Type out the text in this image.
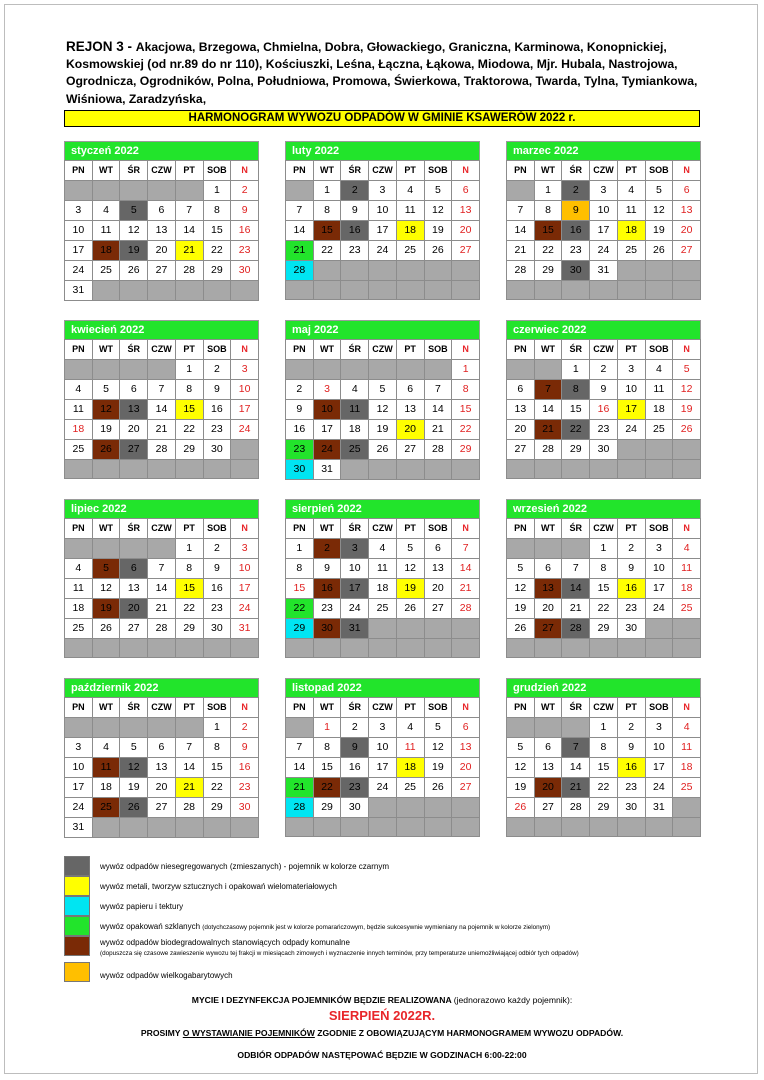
REJON 3 - Akacjowa, Brzegowa, Chmielna, Dobra, Głowackiego, Graniczna, Karminowa, Konopnickiej, Kosmowskiej (od nr.89 do nr 110), Kościuszki, Leśna, Łączna, Łąkowa, Miodowa, Mjr. Hubala, Nastrojowa, Ogrodnicza, Ogrodników, Polna, Południowa, Promowa, Świerkowa, Traktorowa, Twarda, Tylna, Tymiankowa, Wiśniowa, Zaradzyńska,
HARMONOGRAM WYWOZU ODPADÓW W GMINIE KSAWERÓW 2022 r.
styczeń 2022
PN	WT	ŚR	CZW	PT	SOB	N
					1	2
3	4	5	6	7	8	9
10	11	12	13	14	15	16
17	18	19	20	21	22	23
24	25	26	27	28	29	30
31						
luty 2022
PN	WT	ŚR	CZW	PT	SOB	N
	1	2	3	4	5	6
7	8	9	10	11	12	13
14	15	16	17	18	19	20
21	22	23	24	25	26	27
28						

marzec 2022
PN	WT	ŚR	CZW	PT	SOB	N
	1	2	3	4	5	6
7	8	9	10	11	12	13
14	15	16	17	18	19	20
21	22	23	24	25	26	27
28	29	30	31			

kwiecień 2022
PN	WT	ŚR	CZW	PT	SOB	N
				1	2	3
4	5	6	7	8	9	10
11	12	13	14	15	16	17
18	19	20	21	22	23	24
25	26	27	28	29	30	

maj 2022
PN	WT	ŚR	CZW	PT	SOB	N
						1
2	3	4	5	6	7	8
9	10	11	12	13	14	15
16	17	18	19	20	21	22
23	24	25	26	27	28	29
30	31					
czerwiec 2022
PN	WT	ŚR	CZW	PT	SOB	N
		1	2	3	4	5
6	7	8	9	10	11	12
13	14	15	16	17	18	19
20	21	22	23	24	25	26
27	28	29	30			

lipiec 2022
PN	WT	ŚR	CZW	PT	SOB	N
				1	2	3
4	5	6	7	8	9	10
11	12	13	14	15	16	17
18	19	20	21	22	23	24
25	26	27	28	29	30	31

sierpień 2022
PN	WT	ŚR	CZW	PT	SOB	N
1	2	3	4	5	6	7
8	9	10	11	12	13	14
15	16	17	18	19	20	21
22	23	24	25	26	27	28
29	30	31				

wrzesień 2022
PN	WT	ŚR	CZW	PT	SOB	N
			1	2	3	4
5	6	7	8	9	10	11
12	13	14	15	16	17	18
19	20	21	22	23	24	25
26	27	28	29	30		

październik 2022
PN	WT	ŚR	CZW	PT	SOB	N
					1	2
3	4	5	6	7	8	9
10	11	12	13	14	15	16
17	18	19	20	21	22	23
24	25	26	27	28	29	30
31						
listopad 2022
PN	WT	ŚR	CZW	PT	SOB	N
	1	2	3	4	5	6
7	8	9	10	11	12	13
14	15	16	17	18	19	20
21	22	23	24	25	26	27
28	29	30				

grudzień 2022
PN	WT	ŚR	CZW	PT	SOB	N
			1	2	3	4
5	6	7	8	9	10	11
12	13	14	15	16	17	18
19	20	21	22	23	24	25
26	27	28	29	30	31	

wywóz odpadów niesegregowanych (zmieszanych) - pojemnik w kolorze czarnym
wywóz metali, tworzyw sztucznych i opakowań wielomateriałowych
wywóz papieru i tektury
wywóz opakowań szklanych (dotychczasowy pojemnik jest w kolorze pomarańczowym, będzie sukcesywnie wymieniany na pojemnik w kolorze zielonym)
wywóz odpadów biodegradowalnych stanowiących odpady komunalne
(dopuszcza się czasowe zawieszenie wywozu tej frakcji w miesiącach zimowych i wyznaczenie innych terminów, przy temperaturze uniemożliwiającej odbiór tych odpadów)
wywóz odpadów wielkogabarytowych
MYCIE I DEZYNFEKCJA POJEMNIKÓW BĘDZIE REALIZOWANA (jednorazowo każdy pojemnik):
SIERPIEŃ 2022R.
PROSIMY O WYSTAWIANIE POJEMNIKÓW ZGODNIE Z OBOWIĄZUJĄCYM HARMONOGRAMEM WYWOZU ODPADÓW.
ODBIÓR ODPADÓW NASTĘPOWAĆ BĘDZIE W GODZINACH 6:00-22:00
